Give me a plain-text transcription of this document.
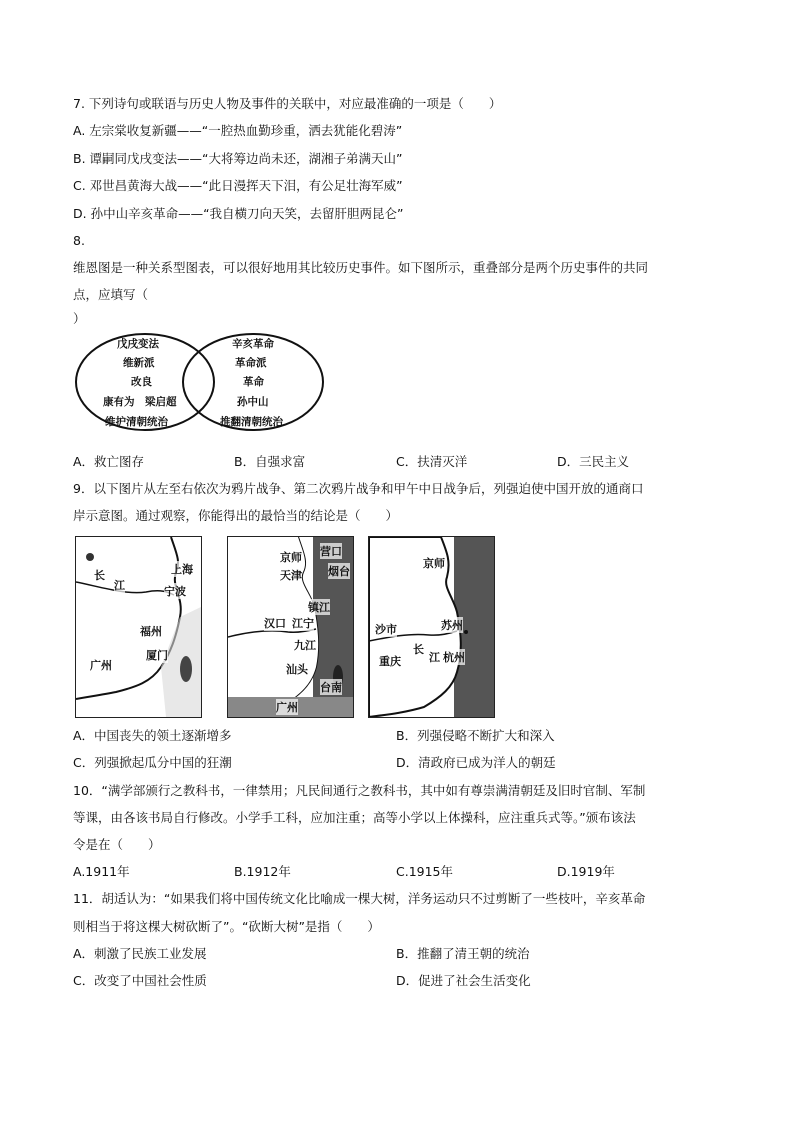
7. 下列诗句或联语与历史人物及事件的关联中，对应最准确的一项是（　　）
A. 左宗棠收复新疆——“一腔热血勤珍重，洒去犹能化碧涛”
B. 谭嗣同戊戌变法——“大将筹边尚未还，湖湘子弟满天山”
C. 邓世昌黄海大战——“此日漫挥天下泪，有公足壮海军威”
D. 孙中山辛亥革命——“我自横刀向天笑，去留肝胆两昆仑”
8.
维恩图是一种关系型图表，可以很好地用其比较历史事件。如下图所示，重叠部分是两个历史事件的共同
点，应填写（
）
戊戌变法
维新派
改良
康有为　梁启超
维护清朝统治
辛亥革命
革命派
革命
孙中山
推翻清朝统治
A．救亡图存	B．自强求富	C．扶清灭洋	D．三民主义
9．以下图片从左至右依次为鸦片战争、第二次鸦片战争和甲午中日战争后，列强迫使中国开放的通商口
岸示意图。通过观察，你能得出的最恰当的结论是（　　）
长
江
上海
宁波
福州
厦门
广州
营口
京师
天津 烟台
镇江
汉口 江宁
九江
汕头
台南
广州
京师
沙市	苏州
重庆
长
江 杭州
A．中国丧失的领土逐渐增多	B．列强侵略不断扩大和深入
C．列强掀起瓜分中国的狂潮	D．清政府已成为洋人的朝廷
10．“满学部颁行之教科书，一律禁用；凡民间通行之教科书，其中如有尊崇满清朝廷及旧时官制、军制
等课，由各该书局自行修改。小学手工科，应加注重；高等小学以上体操科，应注重兵式等。”颁布该法
令是在（　　）
A.1911年	B.1912年	C.1915年	D.1919年
11．胡适认为：“如果我们将中国传统文化比喻成一棵大树，洋务运动只不过剪断了一些枝叶，辛亥革命
则相当于将这棵大树砍断了”。“砍断大树”是指（　　）
A．刺激了民族工业发展	B．推翻了清王朝的统治
C．改变了中国社会性质	D．促进了社会生活变化
